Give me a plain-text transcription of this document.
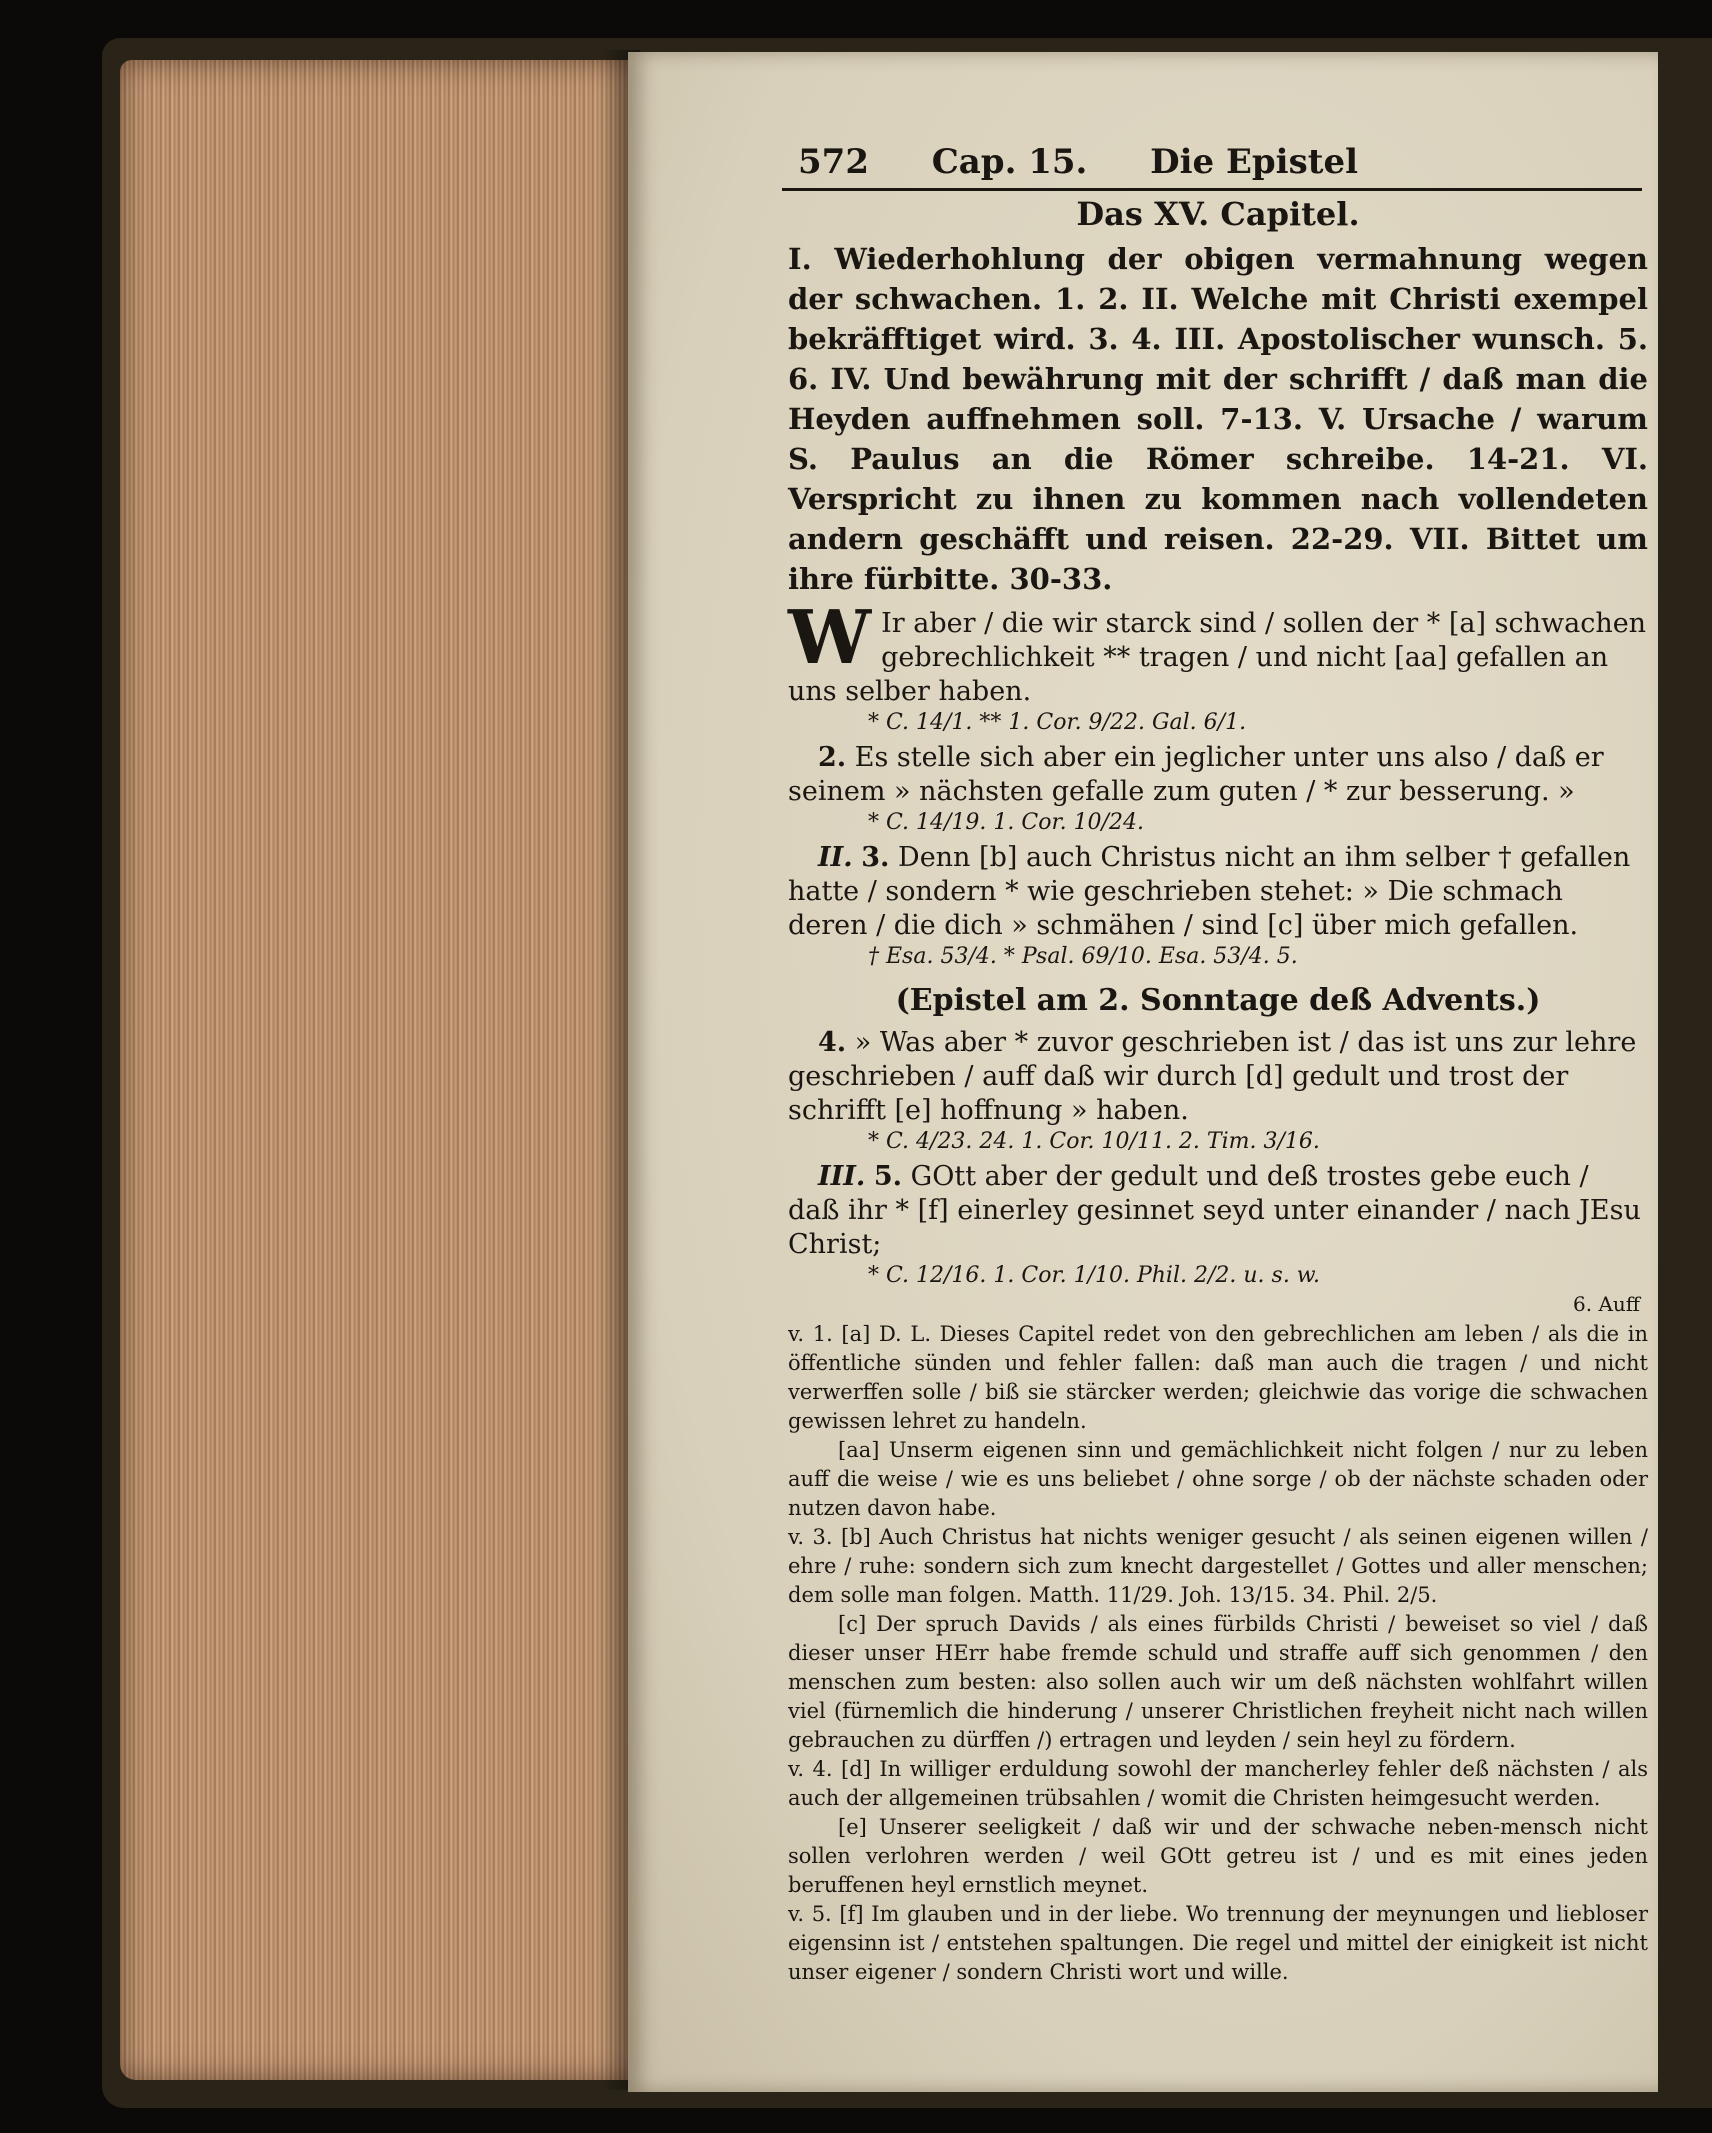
572 Cap. 15. Die Epistel
Das XV. Capitel.

I. Wiederhohlung der obigen vermahnung wegen der schwachen. 1. 2. II. Welche mit Christi exempel bekräfftiget wird. 3. 4. III. Apostolischer wunsch. 5. 6. IV. Und bewährung mit der schrifft / daß man die Heyden auffnehmen soll. 7-13. V. Ursache / warum S. Paulus an die Römer schreibe. 14-21. VI. Verspricht zu ihnen zu kommen nach vollendeten andern geschäfft und reisen. 22-29. VII. Bittet um ihre fürbitte. 30-33.

W Ir aber / die wir starck sind / sollen der * [a] schwachen gebrechlichkeit ** tragen / und nicht [aa] gefallen an uns selber haben.
* C. 14/1. ** 1. Cor. 9/22. Gal. 6/1.
2. Es stelle sich aber ein jeglicher unter uns also / daß er seinem » nächsten gefalle zum guten / * zur besserung. »
* C. 14/19. 1. Cor. 10/24.
II. 3. Denn [b] auch Christus nicht an ihm selber † gefallen hatte / sondern * wie geschrieben stehet: » Die schmach deren / die dich » schmähen / sind [c] über mich gefallen.
† Esa. 53/4. * Psal. 69/10. Esa. 53/4. 5.
(Epistel am 2. Sonntage deß Advents.)
4. » Was aber * zuvor geschrieben ist / das ist uns zur lehre geschrieben / auff daß wir durch [d] gedult und trost der schrifft [e] hoffnung » haben.
* C. 4/23. 24. 1. Cor. 10/11. 2. Tim. 3/16.
III. 5. GOtt aber der gedult und deß trostes gebe euch / daß ihr * [f] einerley gesinnet seyd unter einander / nach JEsu Christ;
* C. 12/16. 1. Cor. 1/10. Phil. 2/2. u. s. w.
6. Auff

v. 1. [a] D. L. Dieses Capitel redet von den gebrechlichen am leben / als die in öffentliche sünden und fehler fallen: daß man auch die tragen / und nicht verwerffen solle / biß sie stärcker werden; gleichwie das vorige die schwachen gewissen lehret zu handeln.

[aa] Unserm eigenen sinn und gemächlichkeit nicht folgen / nur zu leben auff die weise / wie es uns beliebet / ohne sorge / ob der nächste schaden oder nutzen davon habe.

v. 3. [b] Auch Christus hat nichts weniger gesucht / als seinen eigenen willen / ehre / ruhe: sondern sich zum knecht dargestellet / Gottes und aller menschen; dem solle man folgen. Matth. 11/29. Joh. 13/15. 34. Phil. 2/5.

[c] Der spruch Davids / als eines fürbilds Christi / beweiset so viel / daß dieser unser HErr habe fremde schuld und straffe auff sich genommen / den menschen zum besten: also sollen auch wir um deß nächsten wohlfahrt willen viel (fürnemlich die hinderung / unserer Christlichen freyheit nicht nach willen gebrauchen zu dürffen /) ertragen und leyden / sein heyl zu fördern.

v. 4. [d] In williger erduldung sowohl der mancherley fehler deß nächsten / als auch der allgemeinen trübsahlen / womit die Christen heimgesucht werden.

[e] Unserer seeligkeit / daß wir und der schwache neben-mensch nicht sollen verlohren werden / weil GOtt getreu ist / und es mit eines jeden beruffenen heyl ernstlich meynet.

v. 5. [f] Im glauben und in der liebe. Wo trennung der meynungen und liebloser eigensinn ist / entstehen spaltungen. Die regel und mittel der einigkeit ist nicht unser eigener / sondern Christi wort und wille.
